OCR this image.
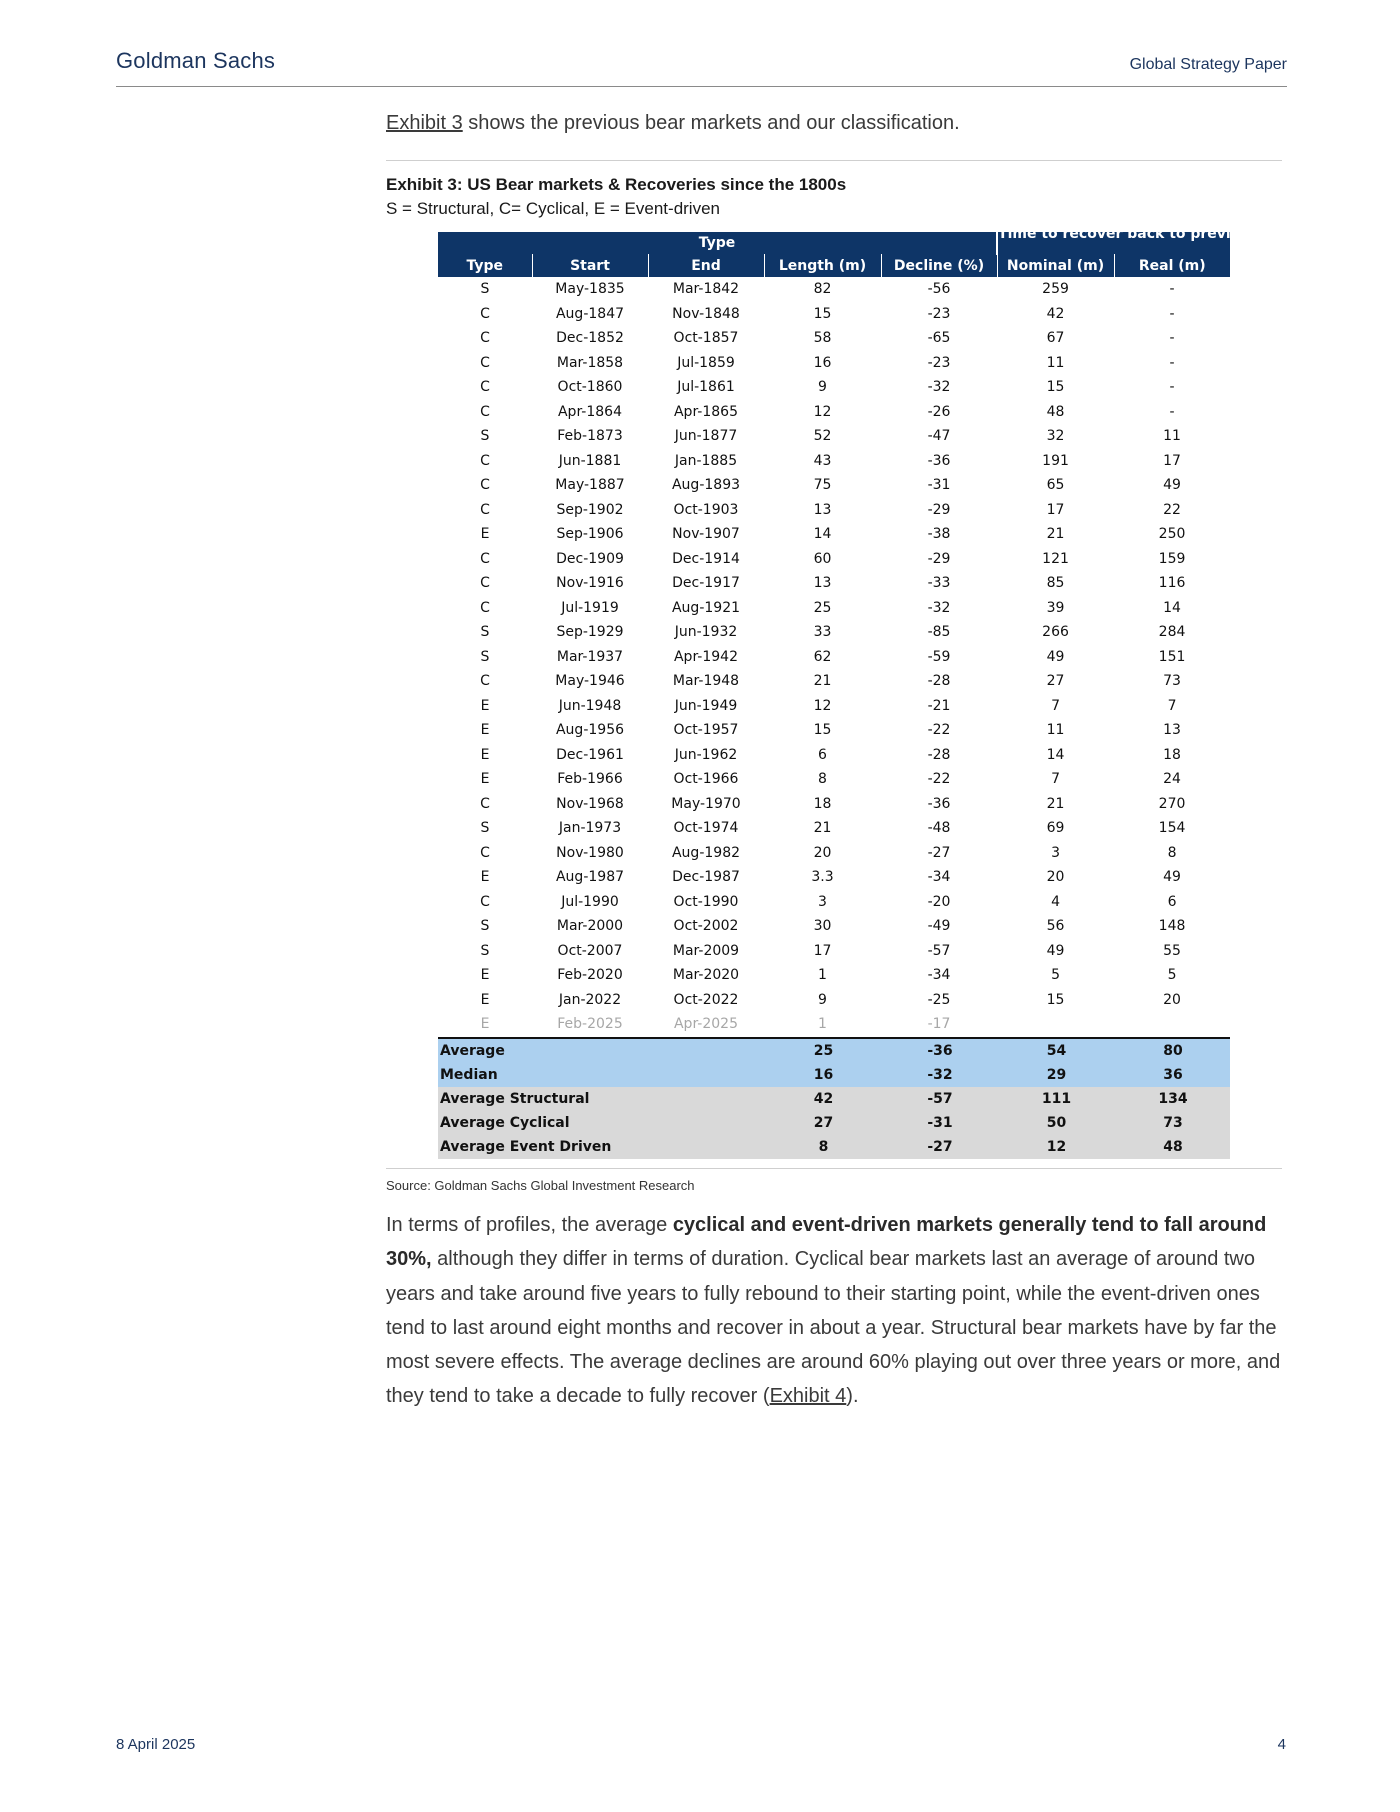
Goldman Sachs	Global Strategy Paper
Exhibit 3 shows the previous bear markets and our classification.
Exhibit 3: US Bear markets & Recoveries since the 1800s
S = Structural, C= Cyclical, E = Event-driven
Type					Time to recover back to previous level	
Type	Start	End	Length (m)	Decline (%)	Nominal (m)	Real (m)
S	May-1835	Mar-1842	82	-56	259	-
C	Aug-1847	Nov-1848	15	-23	42	-
C	Dec-1852	Oct-1857	58	-65	67	-
C	Mar-1858	Jul-1859	16	-23	11	-
C	Oct-1860	Jul-1861	9	-32	15	-
C	Apr-1864	Apr-1865	12	-26	48	-
S	Feb-1873	Jun-1877	52	-47	32	11
C	Jun-1881	Jan-1885	43	-36	191	17
C	May-1887	Aug-1893	75	-31	65	49
C	Sep-1902	Oct-1903	13	-29	17	22
E	Sep-1906	Nov-1907	14	-38	21	250
C	Dec-1909	Dec-1914	60	-29	121	159
C	Nov-1916	Dec-1917	13	-33	85	116
C	Jul-1919	Aug-1921	25	-32	39	14
S	Sep-1929	Jun-1932	33	-85	266	284
S	Mar-1937	Apr-1942	62	-59	49	151
C	May-1946	Mar-1948	21	-28	27	73
E	Jun-1948	Jun-1949	12	-21	7	7
E	Aug-1956	Oct-1957	15	-22	11	13
E	Dec-1961	Jun-1962	6	-28	14	18
E	Feb-1966	Oct-1966	8	-22	7	24
C	Nov-1968	May-1970	18	-36	21	270
S	Jan-1973	Oct-1974	21	-48	69	154
C	Nov-1980	Aug-1982	20	-27	3	8
E	Aug-1987	Dec-1987	3.3	-34	20	49
C	Jul-1990	Oct-1990	3	-20	4	6
S	Mar-2000	Oct-2002	30	-49	56	148
S	Oct-2007	Mar-2009	17	-57	49	55
E	Feb-2020	Mar-2020	1	-34	5	5
E	Jan-2022	Oct-2022	9	-25	15	20
E	Feb-2025	Apr-2025	1	-17		
Average			25	-36	54	80
Median			16	-32	29	36
Average Structural			42	-57	111	134
Average Cyclical			27	-31	50	73
Average Event Driven			8	-27	12	48
Source: Goldman Sachs Global Investment Research
In terms of profiles, the average cyclical and event-driven markets generally tend to fall around 30%, although they differ in terms of duration. Cyclical bear markets last an average of around two years and take around five years to fully rebound to their starting point, while the event-driven ones tend to last around eight months and recover in about a year. Structural bear markets have by far the most severe effects. The average declines are around 60% playing out over three years or more, and they tend to take a decade to fully recover (Exhibit 4).
8 April 2025	4
